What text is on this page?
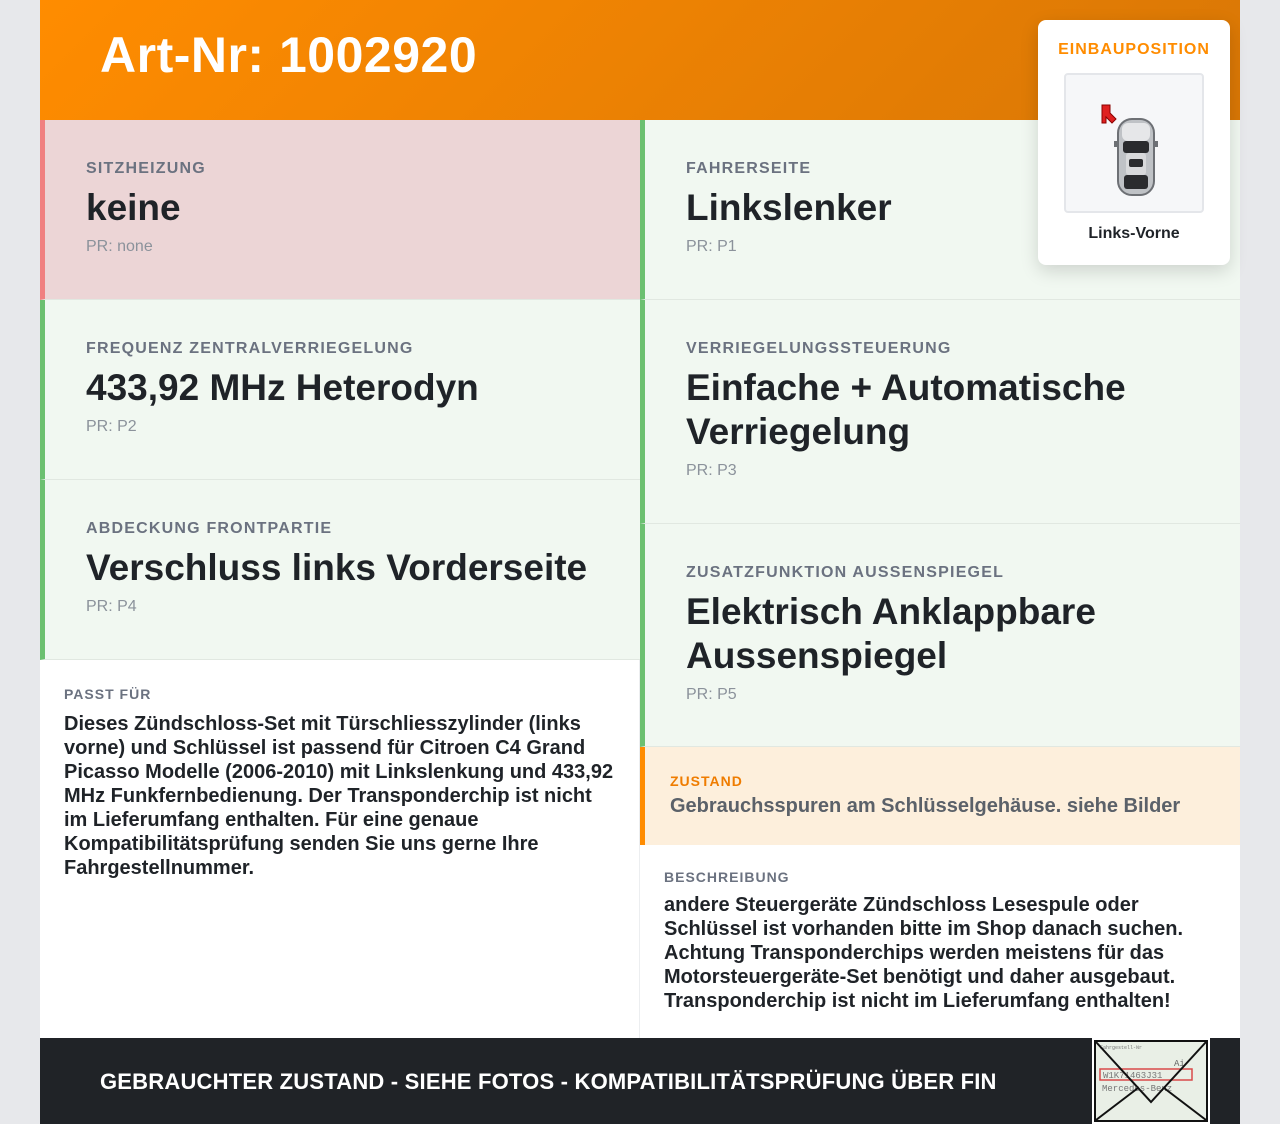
Art-Nr: 1002920	EINBAUPOSITION
Links-Vorne
SITZHEIZUNG
keine
PR: none
FREQUENZ ZENTRALVERRIEGELUNG
433,92 MHz Heterodyn
PR: P2
ABDECKUNG FRONTPARTIE
Verschluss links Vorderseite
PR: P4
PASST FÜR
Dieses Zündschloss-Set mit Türschliesszylinder (links vorne) und Schlüssel ist passend für Citroen C4 Grand Picasso Modelle (2006-2010) mit Linkslenkung und 433,92 MHz Funkfernbedienung. Der Transponderchip ist nicht im Lieferumfang enthalten. Für eine genaue Kompatibilitätsprüfung senden Sie uns gerne Ihre Fahrgestellnummer.
FAHRERSEITE
Linkslenker
PR: P1
VERRIEGELUNGSSTEUERUNG
Einfache + Automatische Verriegelung
PR: P3
ZUSATZFUNKTION AUSSENSPIEGEL
Elektrisch Anklappbare Aussenspiegel
PR: P5
ZUSTAND
Gebrauchsspuren am Schlüsselgehäuse. siehe Bilder
BESCHREIBUNG
andere Steuergeräte Zündschloss Lesespule oder Schlüssel ist vorhanden bitte im Shop danach suchen. Achtung Transponderchips werden meistens für das Motorsteuergeräte-Set benötigt und daher ausgebaut. Transponderchip ist nicht im Lieferumfang enthalten!
GEBRAUCHTER ZUSTAND - SIEHE FOTOS - KOMPATIBILITÄTSPRÜFUNG ÜBER FIN
Fahrgestell-Nr
Ai
W1K71463J31
Mercedes-Benz
